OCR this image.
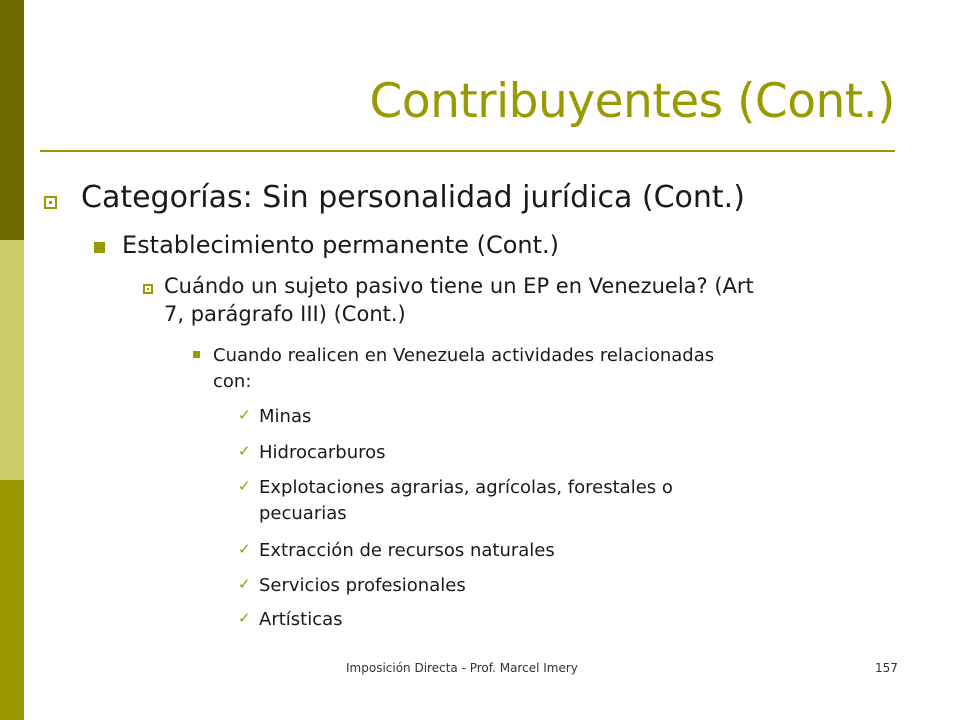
Contribuyentes (Cont.)
Categorías: Sin personalidad jurídica (Cont.)
Establecimiento permanente (Cont.)
Cuándo un sujeto pasivo tiene un EP en Venezuela? (Art
7, parágrafo III) (Cont.)
Cuando realicen en Venezuela actividades relacionadas
con:
✓ Minas
✓ Hidrocarburos
✓ Explotaciones agrarias, agrícolas, forestales o
pecuarias
✓ Extracción de recursos naturales
✓ Servicios profesionales
✓ Artísticas
Imposición Directa - Prof. Marcel Imery	157
